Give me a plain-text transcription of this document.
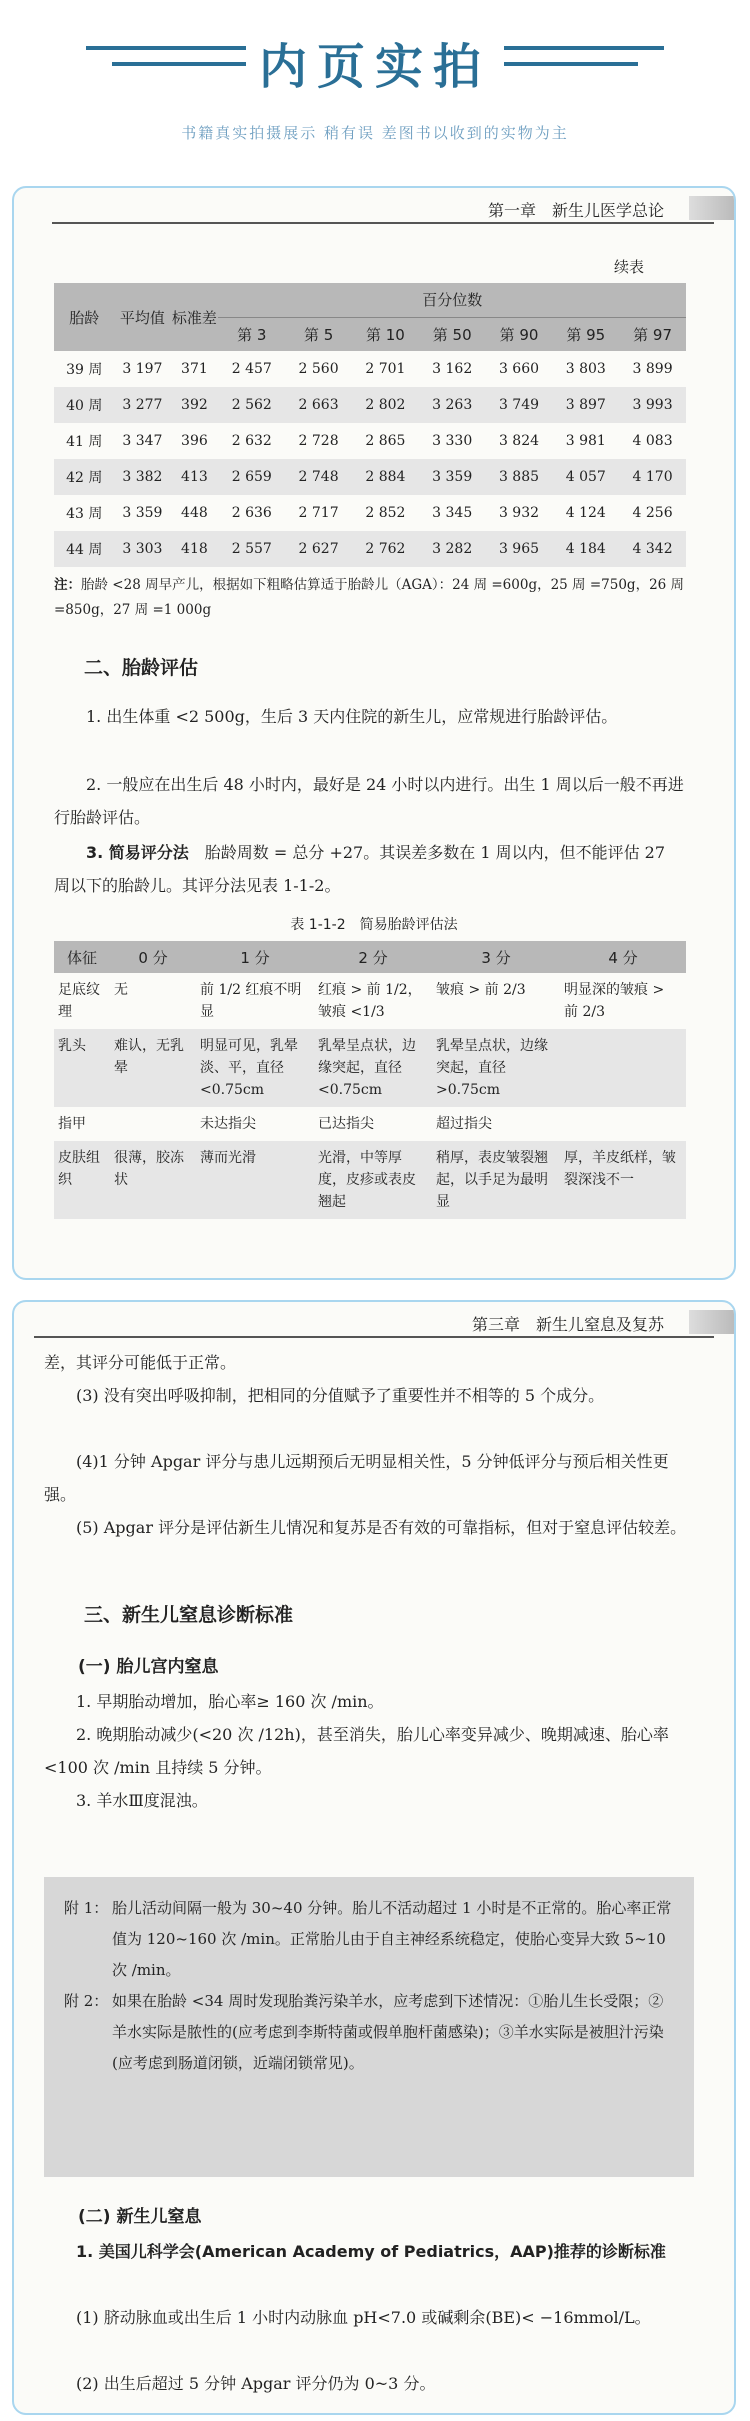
内页实拍
书籍真实拍摄展示 稍有误 差图书以收到的实物为主
第一章　新生儿医学总论
续表
胎龄	平均值	标准差	百分位数						
			第 3	第 5	第 10	第 50	第 90	第 95	第 97
39 周	3 197	371	2 457	2 560	2 701	3 162	3 660	3 803	3 899
40 周	3 277	392	2 562	2 663	2 802	3 263	3 749	3 897	3 993
41 周	3 347	396	2 632	2 728	2 865	3 330	3 824	3 981	4 083
42 周	3 382	413	2 659	2 748	2 884	3 359	3 885	4 057	4 170
43 周	3 359	448	2 636	2 717	2 852	3 345	3 932	4 124	4 256
44 周	3 303	418	2 557	2 627	2 762	3 282	3 965	4 184	4 342
注：胎龄 <28 周早产儿，根据如下粗略估算适于胎龄儿（AGA）：24 周 =600g，25 周 =750g，26 周 =850g，27 周 =1 000g
二、胎龄评估
1. 出生体重 <2 500g，生后 3 天内住院的新生儿，应常规进行胎龄评估。
2. 一般应在出生后 48 小时内，最好是 24 小时以内进行。出生 1 周以后一般不再进行胎龄评估。
3. 简易评分法　胎龄周数 = 总分 +27。其误差多数在 1 周以内，但不能评估 27 周以下的胎龄儿。其评分法见表 1-1-2。
表 1-1-2　简易胎龄评估法
体征	0 分	1 分	2 分	3 分	4 分
足底纹理	无	前 1/2 红痕不明显	红痕 > 前 1/2，皱痕 <1/3	皱痕 > 前 2/3	明显深的皱痕 > 前 2/3
乳头	难认，无乳晕	明显可见，乳晕淡、平，直径 <0.75cm	乳晕呈点状，边缘突起，直径 <0.75cm	乳晕呈点状，边缘突起，直径 >0.75cm	
指甲		未达指尖	已达指尖	超过指尖	
皮肤组织	很薄，胶冻状	薄而光滑	光滑，中等厚度，皮疹或表皮翘起	稍厚，表皮皱裂翘起，以手足为最明显	厚，羊皮纸样，皱裂深浅不一
第三章　新生儿窒息及复苏
差，其评分可能低于正常。
(3) 没有突出呼吸抑制，把相同的分值赋予了重要性并不相等的 5 个成分。
(4)1 分钟 Apgar 评分与患儿远期预后无明显相关性，5 分钟低评分与预后相关性更强。
(5) Apgar 评分是评估新生儿情况和复苏是否有效的可靠指标，但对于窒息评估较差。
三、新生儿窒息诊断标准
(一) 胎儿宫内窒息
1. 早期胎动增加，胎心率≥ 160 次 /min。
2. 晚期胎动减少(<20 次 /12h)，甚至消失，胎儿心率变异减少、晚期减速、胎心率 <100 次 /min 且持续 5 分钟。
3. 羊水Ⅲ度混浊。
附 1： 胎儿活动间隔一般为 30~40 分钟。胎儿不活动超过 1 小时是不正常的。胎心率正常值为 120~160 次 /min。正常胎儿由于自主神经系统稳定，使胎心变异大致 5~10 次 /min。
附 2： 如果在胎龄 <34 周时发现胎粪污染羊水，应考虑到下述情况：①胎儿生长受限；②羊水实际是脓性的(应考虑到李斯特菌或假单胞杆菌感染)；③羊水实际是被胆汁污染(应考虑到肠道闭锁，近端闭锁常见)。
(二) 新生儿窒息
1. 美国儿科学会(American Academy of Pediatrics，AAP)推荐的诊断标准
(1) 脐动脉血或出生后 1 小时内动脉血 pH<7.0 或碱剩余(BE)< −16mmol/L。
(2) 出生后超过 5 分钟 Apgar 评分仍为 0~3 分。
